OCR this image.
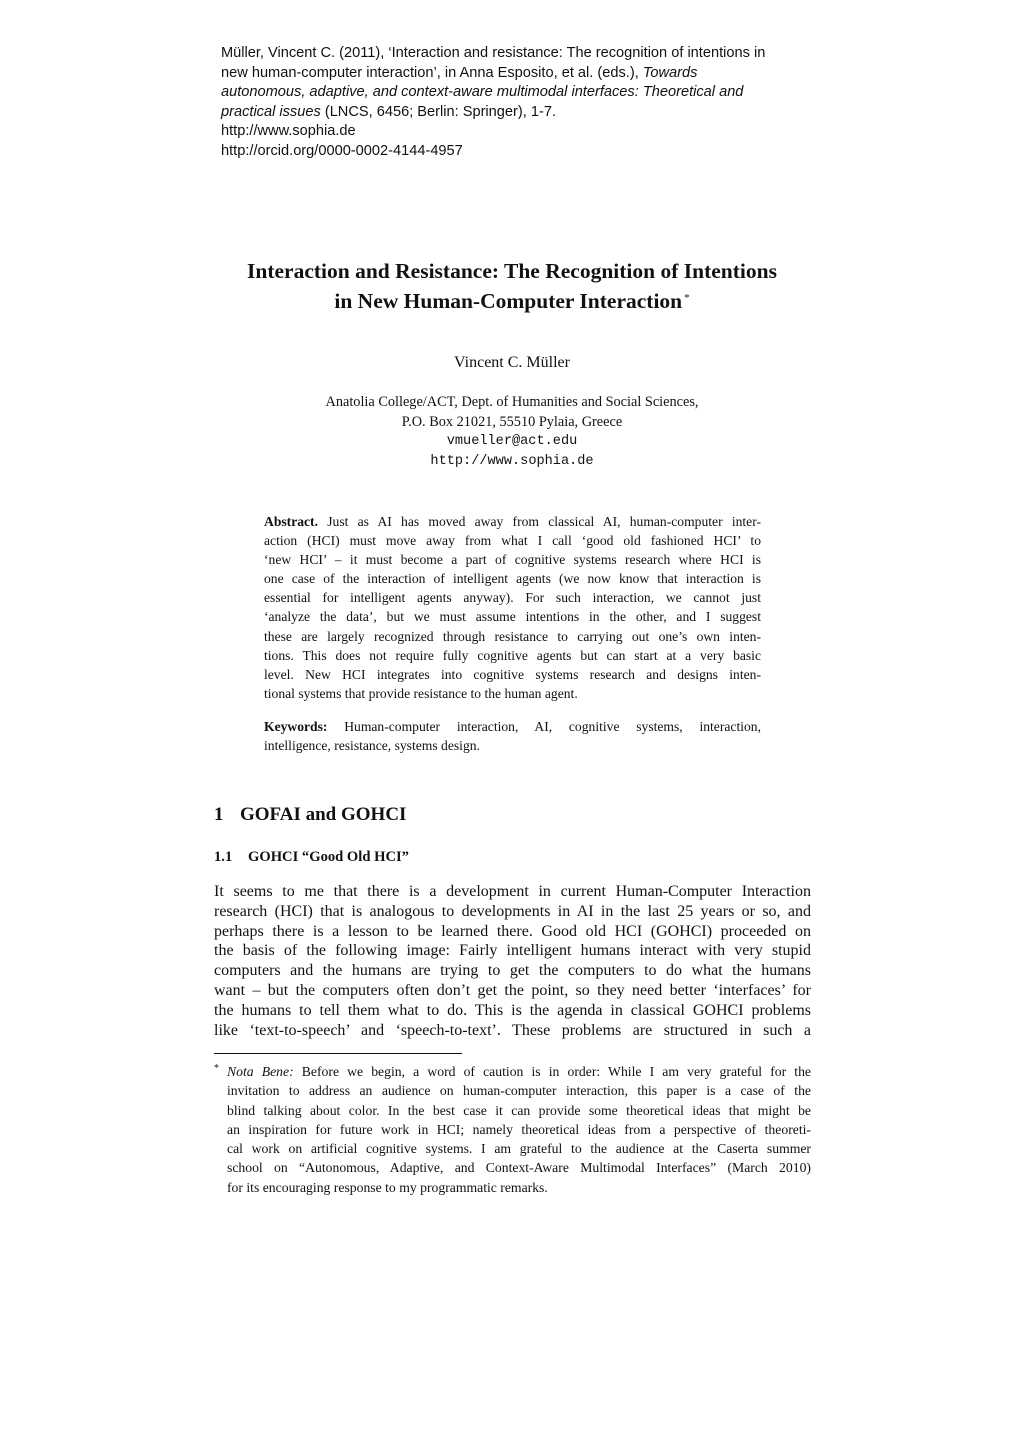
Müller, Vincent C. (2011), ‘Interaction and resistance: The recognition of intentions in
new human-computer interaction’, in Anna Esposito, et al. (eds.), Towards
autonomous, adaptive, and context-aware multimodal interfaces: Theoretical and
practical issues (LNCS, 6456; Berlin: Springer), 1-7.
http://www.sophia.de
http://orcid.org/0000-0002-4144-4957
Interaction and Resistance: The Recognition of Intentions
in New Human-Computer Interaction *
Vincent C. Müller
Anatolia College/ACT, Dept. of Humanities and Social Sciences,
P.O. Box 21021, 55510 Pylaia, Greece
vmueller@act.edu
http://www.sophia.de
Abstract. Just as AI has moved away from classical AI, human-computer inter-
action (HCI) must move away from what I call ‘good old fashioned HCI’ to
‘new HCI’ – it must become a part of cognitive systems research where HCI is
one case of the interaction of intelligent agents (we now know that interaction is
essential for intelligent agents anyway). For such interaction, we cannot just
‘analyze the data’, but we must assume intentions in the other, and I suggest
these are largely recognized through resistance to carrying out one’s own inten-
tions. This does not require fully cognitive agents but can start at a very basic
level. New HCI integrates into cognitive systems research and designs inten-
tional systems that provide resistance to the human agent.
Keywords: Human-computer interaction, AI, cognitive systems, interaction,
intelligence, resistance, systems design.
1 GOFAI and GOHCI
1.1 GOHCI “Good Old HCI”
It seems to me that there is a development in current Human-Computer Interaction
research (HCI) that is analogous to developments in AI in the last 25 years or so, and
perhaps there is a lesson to be learned there. Good old HCI (GOHCI) proceeded on
the basis of the following image: Fairly intelligent humans interact with very stupid
computers and the humans are trying to get the computers to do what the humans
want – but the computers often don’t get the point, so they need better ‘interfaces’ for
the humans to tell them what to do. This is the agenda in classical GOHCI problems
like ‘text-to-speech’ and ‘speech-to-text’. These problems are structured in such a
* Nota Bene: Before we begin, a word of caution is in order: While I am very grateful for the
invitation to address an audience on human-computer interaction, this paper is a case of the
blind talking about color. In the best case it can provide some theoretical ideas that might be
an inspiration for future work in HCI; namely theoretical ideas from a perspective of theoreti-
cal work on artificial cognitive systems. I am grateful to the audience at the Caserta summer
school on “Autonomous, Adaptive, and Context-Aware Multimodal Interfaces” (March 2010)
for its encouraging response to my programmatic remarks.
